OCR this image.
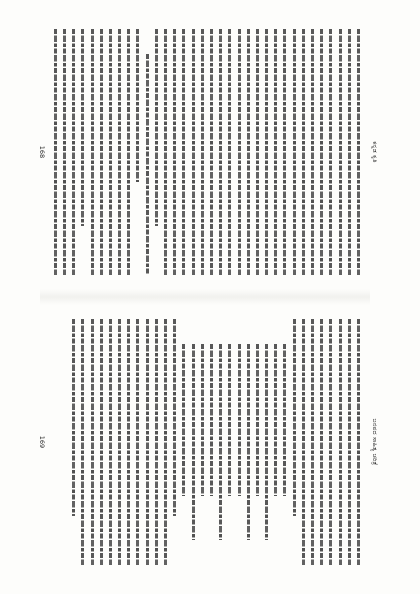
ಕನ್ನಡ ಕೃತಿ
168
ಜನಪದ ಸಾಹಿತ್ಯ ಚರಿತ್ರೆ
169
